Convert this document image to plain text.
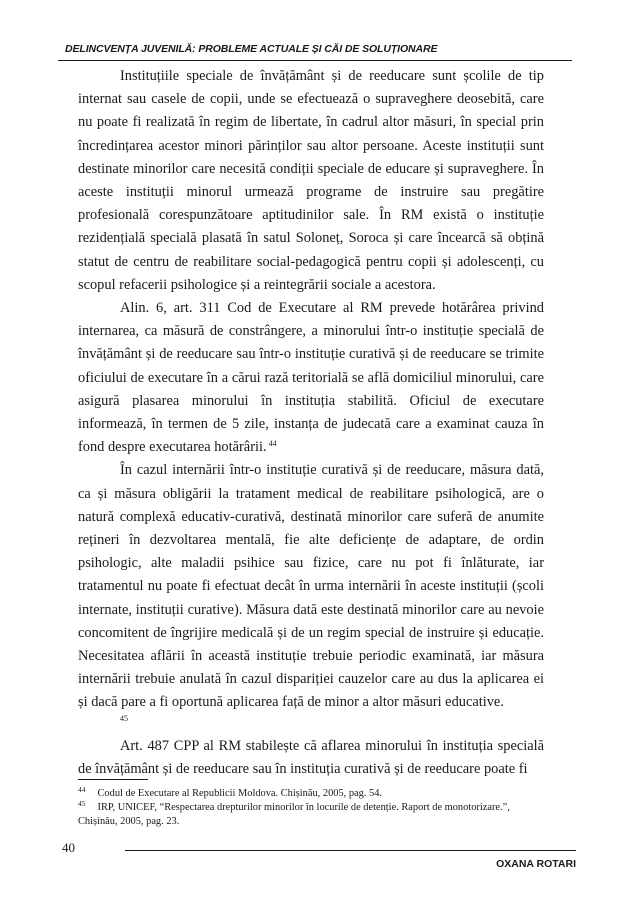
DELINCVENȚA JUVENILĂ: PROBLEME ACTUALE ȘI CĂI DE SOLUȚIONARE

Instituțiile speciale de învățământ și de reeducare sunt școlile de tip internat sau casele de copii, unde se efectuează o supraveghere deosebită, care nu poate fi realizată în regim de libertate, în cadrul altor măsuri, în special prin încredințarea acestor minori părinților sau altor persoane. Aceste instituții sunt destinate minorilor care necesită condiții speciale de educare și supraveghere. În aceste instituții minorul urmează programe de instruire sau pregătire profesională corespunzătoare aptitudinilor sale. În RM există o instituție rezidențială specială plasată în satul Soloneț, Soroca și care încearcă să obțină statut de centru de reabilitare social-pedagogică pentru copii și adolescenți, cu scopul refacerii psihologice și a reintegrării sociale a acestora.

Alin. 6, art. 311 Cod de Executare al RM prevede hotărârea privind internarea, ca măsură de constrângere, a minorului într-o instituție specială de învățământ și de reeducare sau într-o instituție curativă și de reeducare se trimite oficiului de executare în a cărui rază teritorială se află domiciliul minorului, care asigură plasarea minorului în instituția stabilită. Oficiul de executare informează, în termen de 5 zile, instanța de judecată care a examinat cauza în fond despre executarea hotărârii. $^{44}$

În cazul internării într-o instituție curativă și de reeducare, măsura dată, ca și măsura obligării la tratament medical de reabilitare psihologică, are o natură complexă educativ-curativă, destinată minorilor care suferă de anumite rețineri în dezvoltarea mentală, fie alte deficiențe de adaptare, de ordin psihologic, alte maladii psihice sau fizice, care nu pot fi înlăturate, iar tratamentul nu poate fi efectuat decât în urma internării în aceste instituții (școli internate, instituții curative). Măsura dată este destinată minorilor care au nevoie concomitent de îngrijire medicală și de un regim special de instruire și educație. Necesitatea aflării în această instituție trebuie periodic examinată, iar măsura internării trebuie anulată în cazul dispariției cauzelor care au dus la aplicarea ei și dacă pare a fi oportună aplicarea față de minor a altor măsuri educative.
45

Art. 487 CPP al RM stabilește că aflarea minorului în instituția specială de învățământ și de reeducare sau în instituția curativă și de reeducare poate fi

$^{44}$ Codul de Executare al Republicii Moldova. Chișinău, 2005, pag. 54.

$^{45}$ IRP, UNICEF, “Respectarea drepturilor minorilor în locurile de detenție. Raport de monotorizare.”, Chișinău, 2005, pag. 23.

40
OXANA ROTARI
